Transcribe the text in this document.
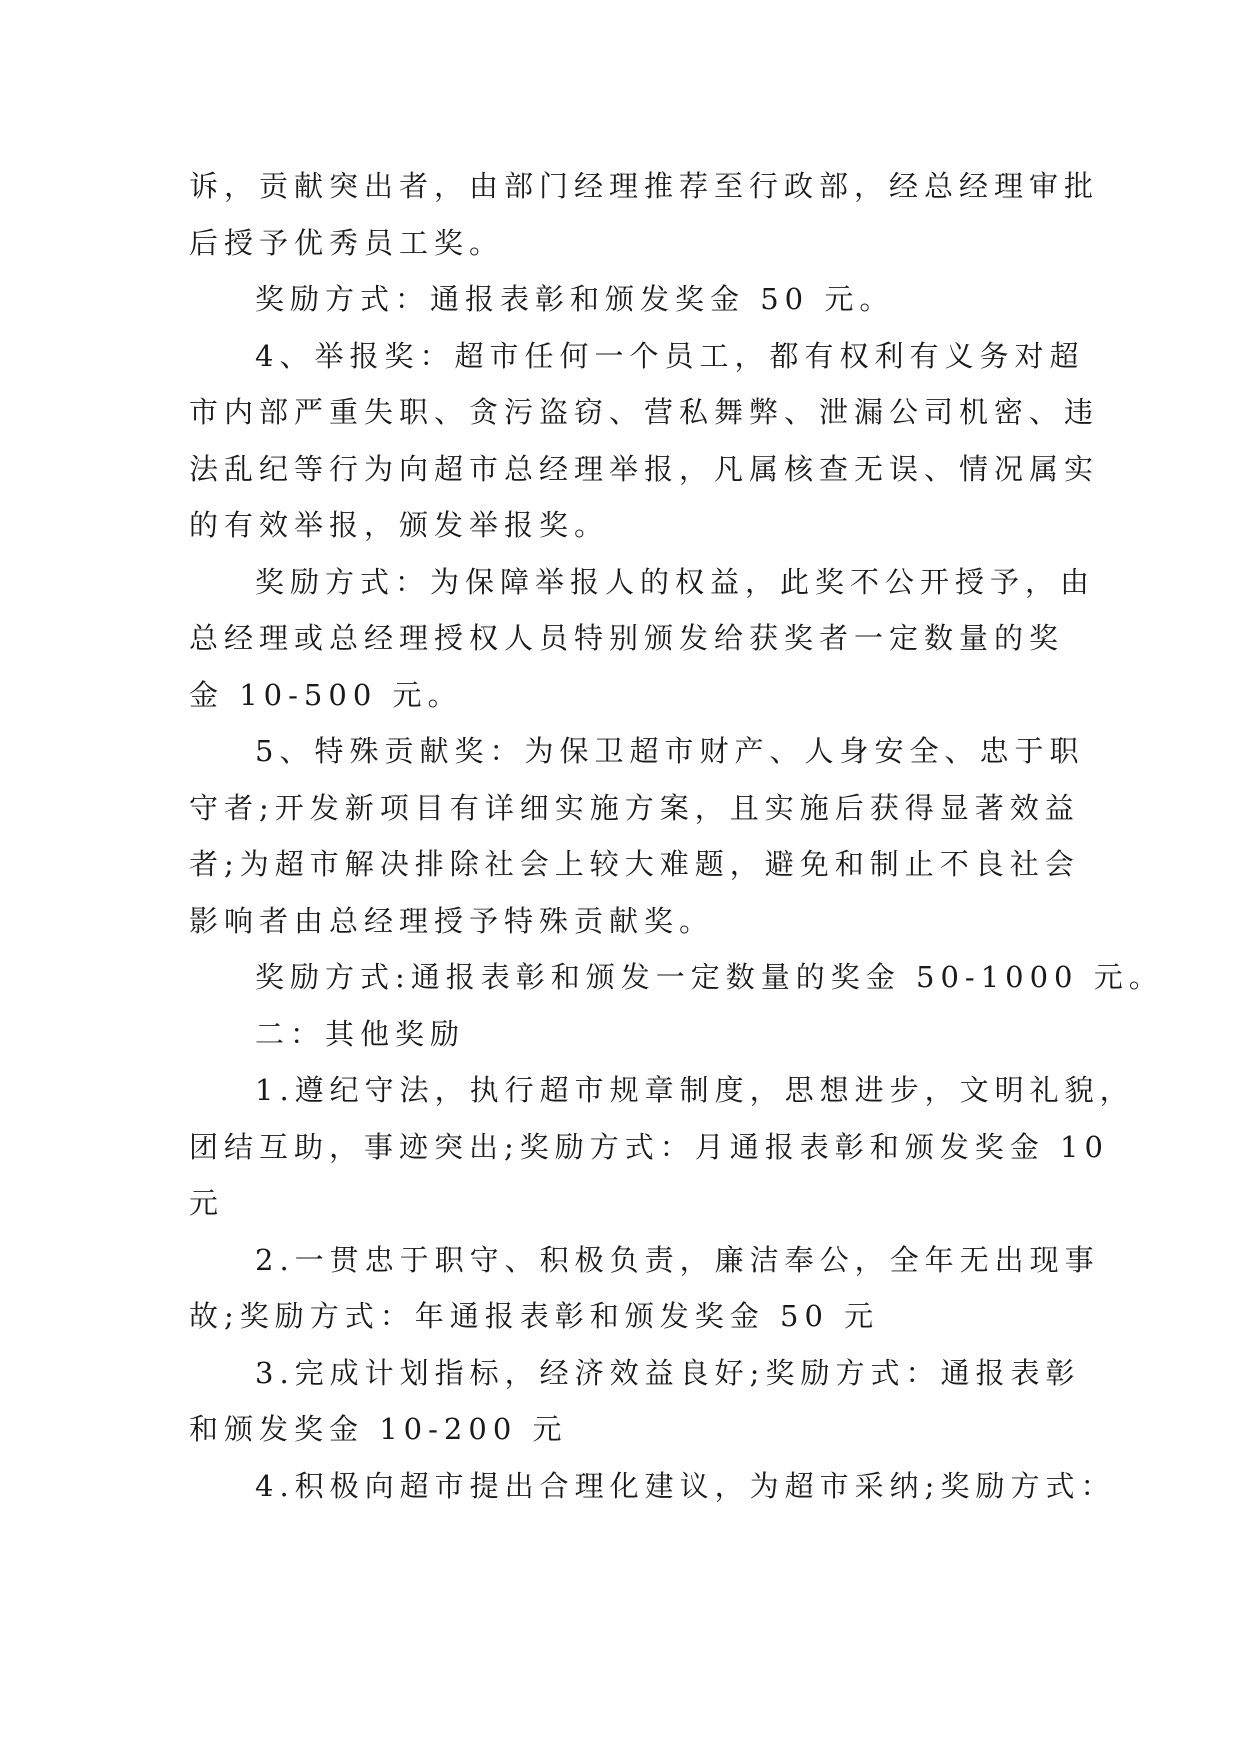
诉，贡献突出者，由部门经理推荐至行政部，经总经理审批
后授予优秀员工奖。
奖励方式：通报表彰和颁发奖金 50 元。
4、举报奖：超市任何一个员工，都有权利有义务对超
市内部严重失职、贪污盗窃、营私舞弊、泄漏公司机密、违
法乱纪等行为向超市总经理举报，凡属核查无误、情况属实
的有效举报，颁发举报奖。
奖励方式：为保障举报人的权益，此奖不公开授予，由
总经理或总经理授权人员特别颁发给获奖者一定数量的奖
金 10-500 元。
5、特殊贡献奖：为保卫超市财产、人身安全、忠于职
守者;开发新项目有详细实施方案，且实施后获得显著效益
者;为超市解决排除社会上较大难题，避免和制止不良社会
影响者由总经理授予特殊贡献奖。
奖励方式:通报表彰和颁发一定数量的奖金 50-1000 元。
二：其他奖励
1.遵纪守法，执行超市规章制度，思想进步，文明礼貌，
团结互助，事迹突出;奖励方式：月通报表彰和颁发奖金 10
元
2.一贯忠于职守、积极负责，廉洁奉公，全年无出现事
故;奖励方式：年通报表彰和颁发奖金 50 元
3.完成计划指标，经济效益良好;奖励方式：通报表彰
和颁发奖金 10-200 元
4.积极向超市提出合理化建议，为超市采纳;奖励方式：
